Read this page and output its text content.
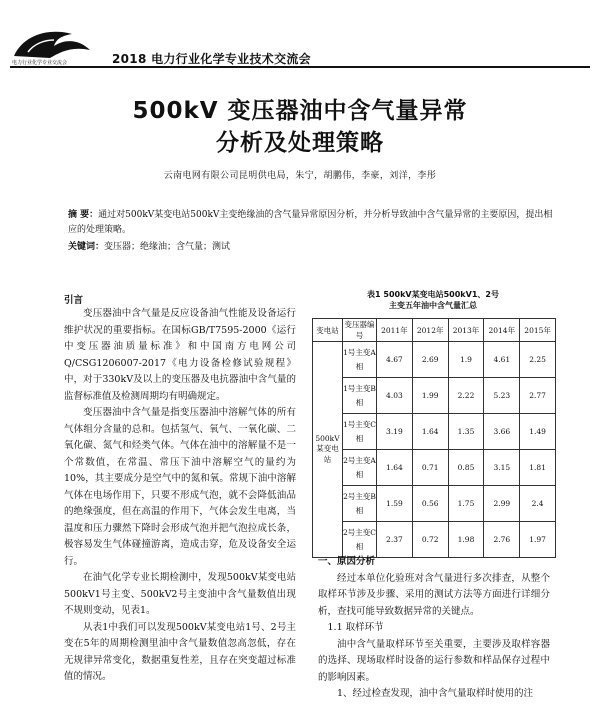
电力行业化学专业交流会	2018 电力行业化学专业技术交流会
500kV 变压器油中含气量异常
分析及处理策略
云南电网有限公司昆明供电局，朱宁，胡鹏伟，李豪，刘洋，李彤
摘 要：通过对500kV某变电站500kV主变绝缘油的含气量异常原因分析，并分析导致油中含气量异常的主要原因，提出相应的处理策略。
关键词：变压器；绝缘油；含气量；测试
引言

变压器油中含气量是反应设备油气性能及设备运行维护状况的重要指标。在国标GB/T7595-2000《运行中变压器油质量标准》和中国南方电网公司Q/CSG1206007-2017《电力设备检修试验规程》中，对于330kV及以上的变压器及电抗器油中含气量的监督标准值及检测周期均有明确规定。

变压器油中含气量是指变压器油中溶解气体的所有气体组分含量的总和。包括氢气、氧气、一氧化碳、二氧化碳、氮气和烃类气体。气体在油中的溶解量不是一个常数值，在常温、常压下油中溶解空气的量约为10%，其主要成分是空气中的氮和氧。常规下油中溶解气体在电场作用下，只要不形成气泡，就不会降低油品的绝缘强度，但在高温的作用下，气体会发生电离，当温度和压力骤然下降时会形成气泡并把气泡拉成长条，极容易发生气体碰撞游离，造成击穿，危及设备安全运行。

在油气化学专业长期检测中，发现500kV某变电站500kV1号主变、500kV2号主变油中含气量数值出现不规则变动，见表1。

从表1中我们可以发现500kV某变电站1号、2号主变在5年的周期检测里油中含气量数值忽高忽低，存在无规律异常变化，数据重复性差，且存在突变超过标准值的情况。

表1 500kV某变电站500kV1、2号
主变五年油中含气量汇总
变电站	变压器编号	2011年	2012年	2013年	2014年	2015年
500kV某变电站	1号主变A相	4.67	2.69	1.9	4.61	2.25
	1号主变B相	4.03	1.99	2.22	5.23	2.77
	1号主变C相	3.19	1.64	1.35	3.66	1.49
	2号主变A相	1.64	0.71	0.85	3.15	1.81
	2号主变B相	1.59	0.56	1.75	2.99	2.4
	2号主变C相	2.37	0.72	1.98	2.76	1.97
一、原因分析

经过本单位化验班对含气量进行多次排查，从整个取样环节涉及步骤、采用的测试方法等方面进行详细分析，查找可能导致数据异常的关键点。

1.1 取样环节

油中含气量取样环节至关重要，主要涉及取样容器的选择、现场取样时设备的运行参数和样品保存过程中的影响因素。

1、经过检查发现，油中含气量取样时使用的注
